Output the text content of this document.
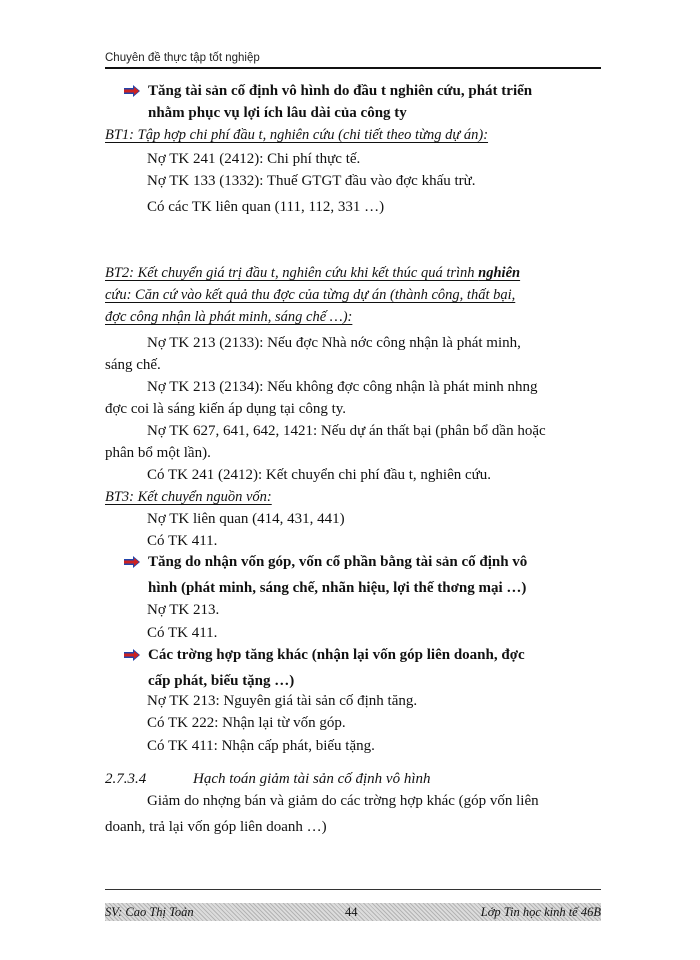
Chuyên đề thực tập tốt nghiệp
Tăng tài sản cố định vô hình do đầu t nghiên cứu, phát triển
nhằm phục vụ lợi ích lâu dài của công ty
BT1: Tập hợp chi phí đầu t, nghiên cứu (chi tiết theo từng dự án):
Nợ TK 241 (2412): Chi phí thực tế.
Nợ TK 133 (1332): Thuế GTGT đầu vào đợc khấu trừ.
Có các TK liên quan (111, 112, 331 …)
BT2: Kết chuyển giá trị đầu t, nghiên cứu khi kết thúc quá trình nghiên
cứu: Căn cứ vào kết quả thu đợc của từng dự án (thành công, thất bại,
đợc công nhận là phát minh, sáng chế …):
Nợ TK 213 (2133): Nếu đợc Nhà nớc công nhận là phát minh,
sáng chế.
Nợ TK 213 (2134): Nếu không đợc công nhận là phát minh nhng
đợc coi là sáng kiến áp dụng tại công ty.
Nợ TK 627, 641, 642, 1421: Nếu dự án thất bại (phân bổ dần hoặc
phân bổ một lần).
Có TK 241 (2412): Kết chuyển chi phí đầu t, nghiên cứu.
BT3: Kết chuyển nguồn vốn:
Nợ TK liên quan (414, 431, 441)
Có TK 411.
Tăng do nhận vốn góp, vốn cổ phần bằng tài sản cố định vô
hình (phát minh, sáng chế, nhãn hiệu, lợi thế thơng mại …)
Nợ TK 213.
Có TK 411.
Các trờng hợp tăng khác (nhận lại vốn góp liên doanh, đợc
cấp phát, biếu tặng …)
Nợ TK 213: Nguyên giá tài sản cố định tăng.
Có TK 222: Nhận lại từ vốn góp.
Có TK 411: Nhận cấp phát, biếu tặng.
2.7.3.4	Hạch toán giảm tài sản cố định vô hình
Giảm do nhợng bán và giảm do các trờng hợp khác (góp vốn liên
doanh, trả lại vốn góp liên doanh …)
SV: Cao Thị Toản	44	Lớp Tin học kinh tế 46B
